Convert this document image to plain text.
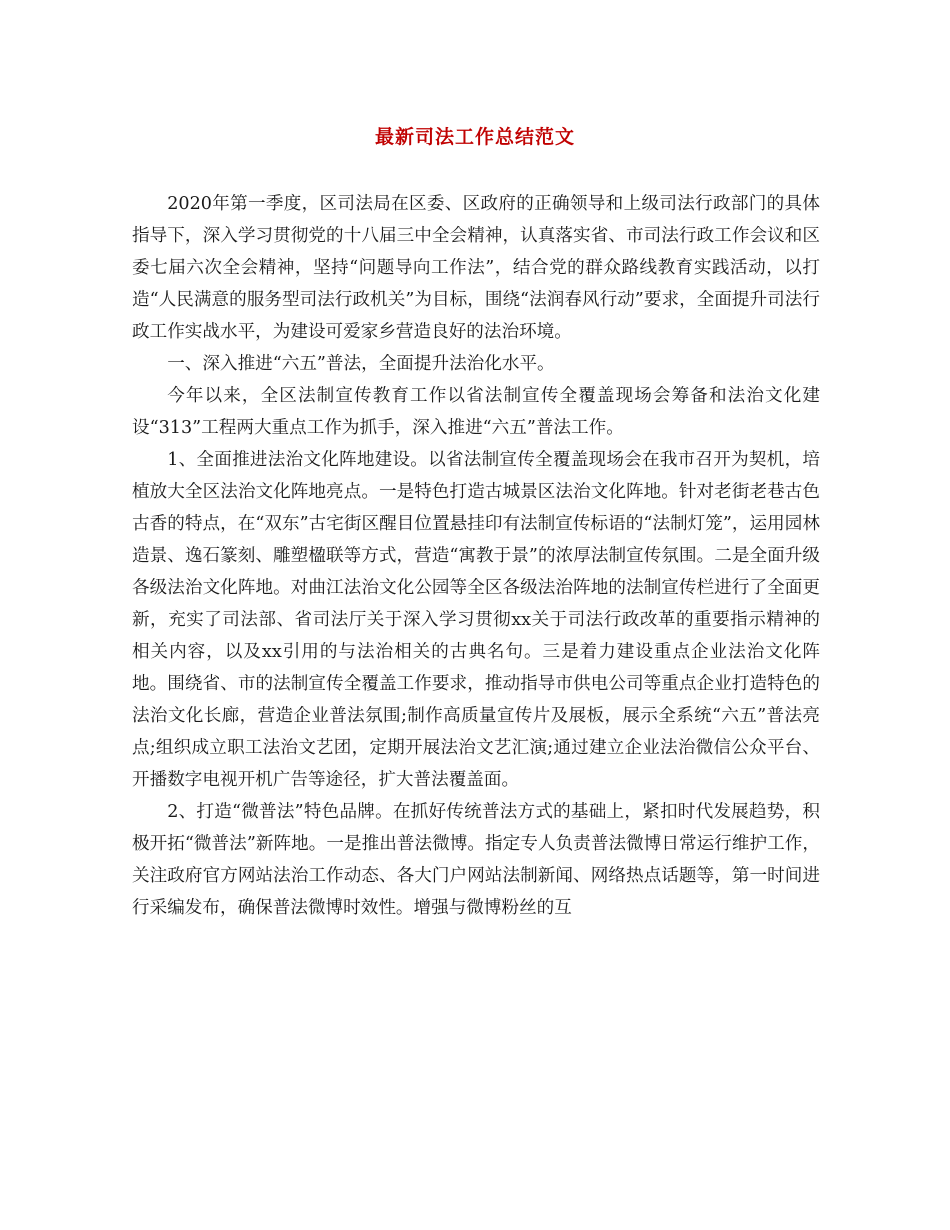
最新司法工作总结范文

2020年第一季度，区司法局在区委、区政府的正确领导和上级司法行政部门的具体指导下，深入学习贯彻党的十八届三中全会精神，认真落实省、市司法行政工作会议和区委七届六次全会精神，坚持“问题导向工作法”，结合党的群众路线教育实践活动，以打造“人民满意的服务型司法行政机关”为目标，围绕“法润春风行动”要求，全面提升司法行政工作实战水平，为建设可爱家乡营造良好的法治环境。

一、深入推进“六五”普法，全面提升法治化水平。

今年以来，全区法制宣传教育工作以省法制宣传全覆盖现场会筹备和法治文化建设“313”工程两大重点工作为抓手，深入推进“六五”普法工作。

1、全面推进法治文化阵地建设。以省法制宣传全覆盖现场会在我市召开为契机，培植放大全区法治文化阵地亮点。一是特色打造古城景区法治文化阵地。针对老街老巷古色古香的特点，在“双东”古宅街区醒目位置悬挂印有法制宣传标语的“法制灯笼”，运用园林造景、逸石篆刻、雕塑楹联等方式，营造“寓教于景”的浓厚法制宣传氛围。二是全面升级各级法治文化阵地。对曲江法治文化公园等全区各级法治阵地的法制宣传栏进行了全面更新，充实了司法部、省司法厅关于深入学习贯彻xx关于司法行政改革的重要指示精神的相关内容，以及xx引用的与法治相关的古典名句。三是着力建设重点企业法治文化阵地。围绕省、市的法制宣传全覆盖工作要求，推动指导市供电公司等重点企业打造特色的法治文化长廊，营造企业普法氛围;制作高质量宣传片及展板，展示全系统“六五”普法亮点;组织成立职工法治文艺团，定期开展法治文艺汇演;通过建立企业法治微信公众平台、开播数字电视开机广告等途径，扩大普法覆盖面。

2、打造“微普法”特色品牌。在抓好传统普法方式的基础上，紧扣时代发展趋势，积极开拓“微普法”新阵地。一是推出普法微博。指定专人负责普法微博日常运行维护工作，关注政府官方网站法治工作动态、各大门户网站法制新闻、网络热点话题等，第一时间进行采编发布，确保普法微博时效性。增强与微博粉丝的互
